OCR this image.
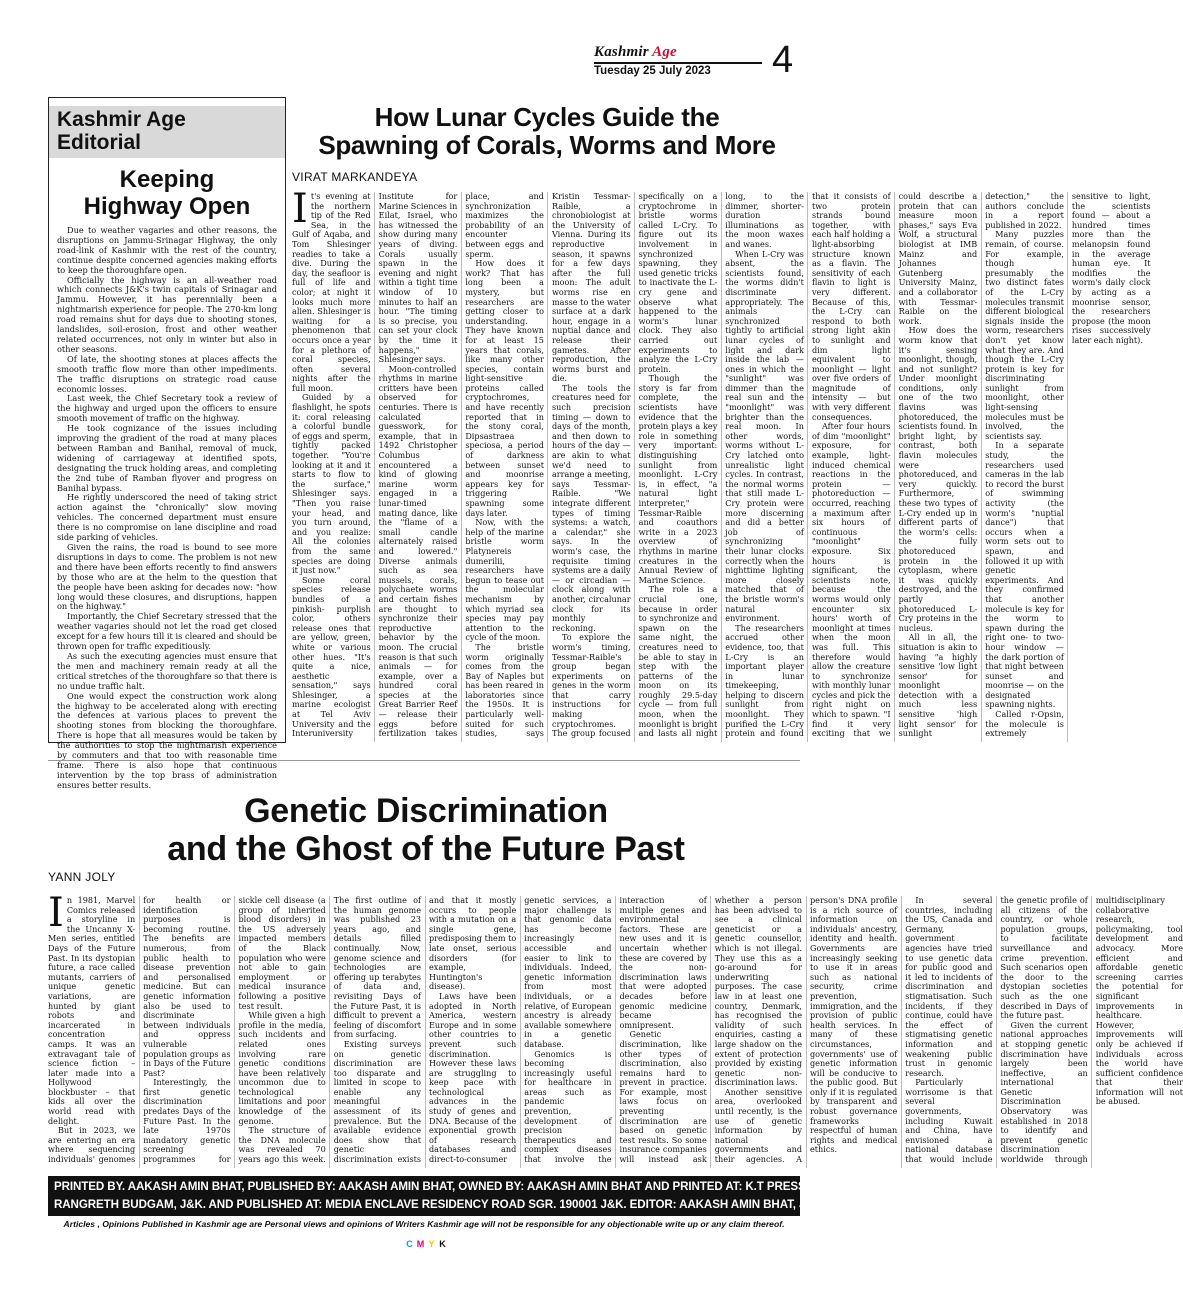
Kashmir Age
Tuesday 25 July 2023 4
Kashmir Age
Editorial
Keeping
Highway Open

Due to weather vagaries and other reasons, the disruptions on Jammu-Srinagar Highway, the only road-link of Kashmir with the rest of the country, continue despite concerned agencies making efforts to keep the thoroughfare open.

Officially the highway is an all-weather road which connects J&K's twin capitals of Srinagar and Jammu. However, it has perennially been a nightmarish experience for people. The 270-km long road remains shut for days due to shooting stones, landslides, soil-erosion, frost and other weather related occurrences, not only in winter but also in other seasons.

Of late, the shooting stones at places affects the smooth traffic flow more than other impediments. The traffic disruptions on strategic road cause economic losses.

Last week, the Chief Secretary took a review of the highway and urged upon the officers to ensure smooth movement of traffic on the highway.

He took cognizance of the issues including improving the gradient of the road at many places between Ramban and Banihal, removal of muck, widening of carriageway at identified spots, designating the truck holding areas, and completing the 2nd tube of Ramban flyover and progress on Banihal bypass.

He rightly underscored the need of taking strict action against the "chronically" slow moving vehicles. The concerned department must ensure there is no compromise on lane discipline and road side parking of vehicles.

Given the rains, the road is bound to see more disruptions in days to come. The problem is not new and there have been efforts recently to find answers by those who are at the helm to the question that the people have been asking for decades now: "how long would these closures, and disruptions, happen on the highway."

Importantly, the Chief Secretary stressed that the weather vagaries should not let the road get closed except for a few hours till it is cleared and should be thrown open for traffic expeditiously.

As such the executing agencies must ensure that the men and machinery remain ready at all the critical stretches of the thoroughfare so that there is no undue traffic halt.

One would expect the construction work along the highway to be accelerated along with erecting the defences at various places to prevent the shooting stones from blocking the thoroughfare. There is hope that all measures would be taken by the authorities to stop the nightmarish experience by commuters and that too with reasonable time frame. There is also hope that continuous intervention by the top brass of administration ensures better results.

How Lunar Cycles Guide the
Spawning of Corals, Worms and More
VIRAT MARKANDEYA

It's evening at the northern tip of the Red Sea, in the Gulf of Aqaba, and Tom Shlesinger readies to take a dive. During the day, the seafloor is full of life and color; at night it looks much more alien. Shlesinger is waiting for a phenomenon that occurs once a year for a plethora of coral species, often several nights after the full moon.

Guided by a flashlight, he spots it: coral releasing a colorful bundle of eggs and sperm, tightly packed together. "You're looking at it and it starts to flow to the surface," Shlesinger says. "Then you raise your head, and you turn around, and you realize: All the colonies from the same species are doing it just now."

Some coral species release bundles of a pinkish- purplish color, others release ones that are yellow, green, white or various other hues. "It's quite a nice, aesthetic sensation," says Shlesinger, a marine ecologist at Tel Aviv University and the Interuniversity Institute for Marine Sciences in Eilat, Israel, who has witnessed the show during many years of diving. Corals usually spawn in the evening and night within a tight time window of 10 minutes to half an hour. "The timing is so precise, you can set your clock by the time it happens," Shlesinger says.

Moon-controlled rhythms in marine critters have been observed for centuries. There is calculated guesswork, for example, that in 1492 Christopher Columbus encountered a kind of glowing marine worm engaged in a lunar-timed mating dance, like the "flame of a small candle alternately raised and lowered." Diverse animals such as sea mussels, corals, polychaete worms and certain fishes are thought to synchronize their reproductive behavior by the moon. The crucial reason is that such animals — for example, over a hundred coral species at the Great Barrier Reef — release their eggs before fertilization takes place, and synchronization maximizes the probability of an encounter between eggs and sperm.

How does it work? That has long been a mystery, but researchers are getting closer to understanding. They have known for at least 15 years that corals, like many other species, contain light-sensitive proteins called cryptochromes, and have recently reported that in the stony coral, Dipsastraea speciosa, a period of darkness between sunset and moonrise appears key for triggering spawning some days later.

Now, with the help of the marine bristle worm Platynereis dumerilii, researchers have begun to tease out the molecular mechanism by which myriad sea species may pay attention to the cycle of the moon.

The bristle worm originally comes from the Bay of Naples but has been reared in laboratories since the 1950s. It is particularly well-suited for such studies, says Kristin Tessmar-Raible, a chronobiologist at the University of Vienna. During its reproductive season, it spawns for a few days after the full moon: The adult worms rise en masse to the water surface at a dark hour, engage in a nuptial dance and release their gametes. After reproduction, the worms burst and die.

The tools the creatures need for such precision timing — down to days of the month, and then down to hours of the day — are akin to what we'd need to arrange a meeting, says Tessmar-Raible. "We integrate different types of timing systems: a watch, a calendar," she says. In the worm's case, the requisite timing systems are a daily — or circadian — clock along with another, circalunar clock for its monthly reckoning.

To explore the worm's timing, Tessmar-Raible's group began experiments on genes in the worm that carry instructions for making cryptochromes. The group focused specifically on a cryptochrome in bristle worms called L-Cry. To figure out its involvement in synchronized spawning, they used genetic tricks to inactivate the L-cry gene and observe what happened to the worm's lunar clock. They also carried out experiments to analyze the L-Cry protein.

Though the story is far from complete, the scientists have evidence that the protein plays a key role in something very important: distinguishing sunlight from moonlight. L-Cry is, in effect, "a natural light interpreter," Tessmar-Raible and coauthors write in a 2023 overview of rhythms in marine creatures in the Annual Review of Marine Science.

The role is a crucial one, because in order to synchronize and spawn on the same night, the creatures need to be able to stay in step with the patterns of the moon on its roughly 29.5-day cycle — from full moon, when the moonlight is bright and lasts all night long, to the dimmer, shorter-duration illuminations as the moon waxes and wanes.

When L-Cry was absent, the scientists found, the worms didn't discriminate appropriately. The animals synchronized tightly to artificial lunar cycles of light and dark inside the lab — ones in which the "sunlight" was dimmer than the real sun and the "moonlight" was brighter than the real moon. In other words, worms without L-Cry latched onto unrealistic light cycles. In contrast, the normal worms that still made L-Cry protein were more discerning and did a better job of synchronizing their lunar clocks correctly when the nighttime lighting more closely matched that of the bristle worm's natural environment.

The researchers accrued other evidence, too, that L-Cry is an important player in lunar timekeeping, helping to discern sunlight from moonlight. They purified the L-Cry protein and found that it consists of two protein strands bound together, with each half holding a light-absorbing structure known as a flavin. The sensitivity of each flavin to light is very different. Because of this, the L-Cry can respond to both strong light akin to sunlight and dim light equivalent to moonlight — light over five orders of magnitude of intensity — but with very different consequences.

After four hours of dim "moonlight" exposure, for example, light-induced chemical reactions in the protein — photoreduction — occurred, reaching a maximum after six hours of continuous "moonlight" exposure. Six hours is significant, the scientists note, because the worms would only encounter six hours' worth of moonlight at times when the moon was full. This therefore would allow the creature to synchronize with monthly lunar cycles and pick the right night on which to spawn. "I find it very exciting that we could describe a protein that can measure moon phases," says Eva Wolf, a structural biologist at IMB Mainz and Johannes Gutenberg University Mainz, and a collaborator with Tessmar-Raible on the work.

How does the worm know that it's sensing moonlight, though, and not sunlight? Under moonlight conditions, only one of the two flavins was photoreduced, the scientists found. In bright light, by contrast, both flavin molecules were photoreduced, and very quickly. Furthermore, these two types of L-Cry ended up in different parts of the worm's cells: the fully photoreduced protein in the cytoplasm, where it was quickly destroyed, and the partly photoreduced L-Cry proteins in the nucleus.

All in all, the situation is akin to having "a highly sensitive 'low light sensor' for moonlight detection with a much less sensitive 'high light sensor' for sunlight detection," the authors conclude in a report published in 2022.

Many puzzles remain, of course. For example, though presumably the two distinct fates of the L-Cry molecules transmit different biological signals inside the worm, researchers don't yet know what they are. And though the L-Cry protein is key for discriminating sunlight from moonlight, other light-sensing molecules must be involved, the scientists say.

In a separate study, the researchers used cameras in the lab to record the burst of swimming activity (the worm's "nuptial dance") that occurs when a worm sets out to spawn, and followed it up with genetic experiments. And they confirmed that another molecule is key for the worm to spawn during the right one- to two-hour window — the dark portion of that night between sunset and moonrise — on the designated spawning nights.

Called r-Opsin, the molecule is extremely sensitive to light, the scientists found — about a hundred times more than the melanopsin found in the average human eye. It modifies the worm's daily clock by acting as a moonrise sensor, the researchers propose (the moon rises successively later each night).

Genetic Discrimination
and the Ghost of the Future Past
YANN JOLY

In 1981, Marvel Comics released a storyline in the Uncanny X-Men series, entitled Days of the Future Past. In its dystopian future, a race called mutants, carriers of unique genetic variations, are hunted by giant robots and incarcerated in concentration camps. It was an extravagant tale of science fiction – later made into a Hollywood blockbuster – that kids all over the world read with delight.

But in 2023, we are entering an era where sequencing individuals' genomes for health or identification purposes is becoming routine. The benefits are numerous, from public health to disease prevention and personalised medicine. But can genetic information also be used to discriminate between individuals and oppress vulnerable population groups as in Days of the Future Past?

Interestingly, the first genetic discrimination predates Days of the Future Past. In the late 1970s mandatory genetic screening programmes for sickle cell disease (a group of inherited blood disorders) in the US adversely impacted members of the Black population who were not able to gain employment or medical insurance following a positive test result.

While given a high profile in the media, such incidents and related ones involving rare genetic conditions have been relatively uncommon due to technological limitations and poor knowledge of the genome.

The structure of the DNA molecule was revealed 70 years ago this week. The first outline of the human genome was published 23 years ago, and details filled continually. Now, genome science and technologies are offering up terabytes of data and, revisiting Days of the Future Past, it is difficult to prevent a feeling of discomfort from surfacing.

Existing surveys on genetic discrimination are too disparate and limited in scope to enable any meaningful assessment of its prevalence. But the available evidence does show that genetic discrimination exists and that it mostly occurs to people with a mutation on a single gene, predisposing them to late onset, serious disorders (for example, Huntington's disease).

Laws have been adopted in North America, western Europe and in some other countries to prevent such discrimination. However these laws are struggling to keep pace with technological advances in the study of genes and DNA. Because of the exponential growth of research databases and direct-to-consumer genetic services, a major challenge is that genomic data has become increasingly accessible and easier to link to individuals. Indeed, genetic information from most individuals, or a relative, of European ancestry is already available somewhere in a genetic database.

Genomics is becoming increasingly useful for healthcare in areas such as pandemic prevention, development of precision therapeutics and complex diseases that involve the interaction of multiple genes and environmental factors. These are new uses and it is uncertain whether these are covered by the non-discrimination laws that were adopted decades before genomic medicine became omnipresent.

Genetic discrimination, like other types of discrimination, also remains hard to prevent in practice. For example, most laws focus on preventing discrimination are based on genetic test results. So some insurance companies will instead ask whether a person has been advised to see a clinical geneticist or a genetic counsellor, which is not illegal. They use this as a go-around for underwriting purposes. The case law in at least one country, Denmark, has recognised the validity of such enquiries, casting a large shadow on the extent of protection provided by existing genetic non-discrimination laws.

Another sensitive area, overlooked until recently, is the use of genetic information by national governments and their agencies. A person's DNA profile is a rich source of information on individuals' ancestry, identity and health. Governments are increasingly seeking to use it in areas such as national security, crime prevention, immigration, and the provision of public health services. In many of these circumstances, governments' use of genetic information will be conducive to the public good. But only if it is regulated by transparent and robust governance frameworks respectful of human rights and medical ethics.

In several countries, including the US, Canada and Germany, government agencies have tried to use genetic data for public good and it led to incidents of discrimination and stigmatisation. Such incidents, if they continue, could have the effect of stigmatising genetic information and weakening public trust in genomic research.

Particularly worrisome is that several governments, including Kuwait and China, have envisioned a national database that would include the genetic profile of all citizens of the country, or whole population groups, to facilitate surveillance and crime prevention. Such scenarios open the door to the dystopian societies such as the one described in Days of the future past.

Given the current national approaches at stopping genetic discrimination have largely been ineffective, an international Genetic Discrimination Observatory was established in 2018 to identify and prevent genetic discrimination worldwide through multidisciplinary collaborative research, policymaking, tool development and advocacy. More efficient and affordable genetic screening carries the potential for significant improvements in healthcare. However, improvements will only be achieved if individuals across the world have sufficient confidence that their information will not be abused.

PRINTED BY. AAKASH AMIN BHAT, PUBLISHED BY: AAKASH AMIN BHAT, OWNED BY: AAKASH AMIN BHAT AND PRINTED AT: K.T PRESS PVT. LTD.120- ELECTRONIC COMPLEX INDUSTRIAL ESTATE
RANGRETH BUDGAM, J&K. AND PUBLISHED AT: MEDIA ENCLAVE RESIDENCY ROAD SGR. 190001 J&K. EDITOR: AAKASH AMIN BHAT, JKENG/2006/23952
Articles , Opinions Published in Kashmir age are Personal views and opinions of Writers Kashmir age will not be responsible for any objectionable write up or any claim thereof.
C M Y K
